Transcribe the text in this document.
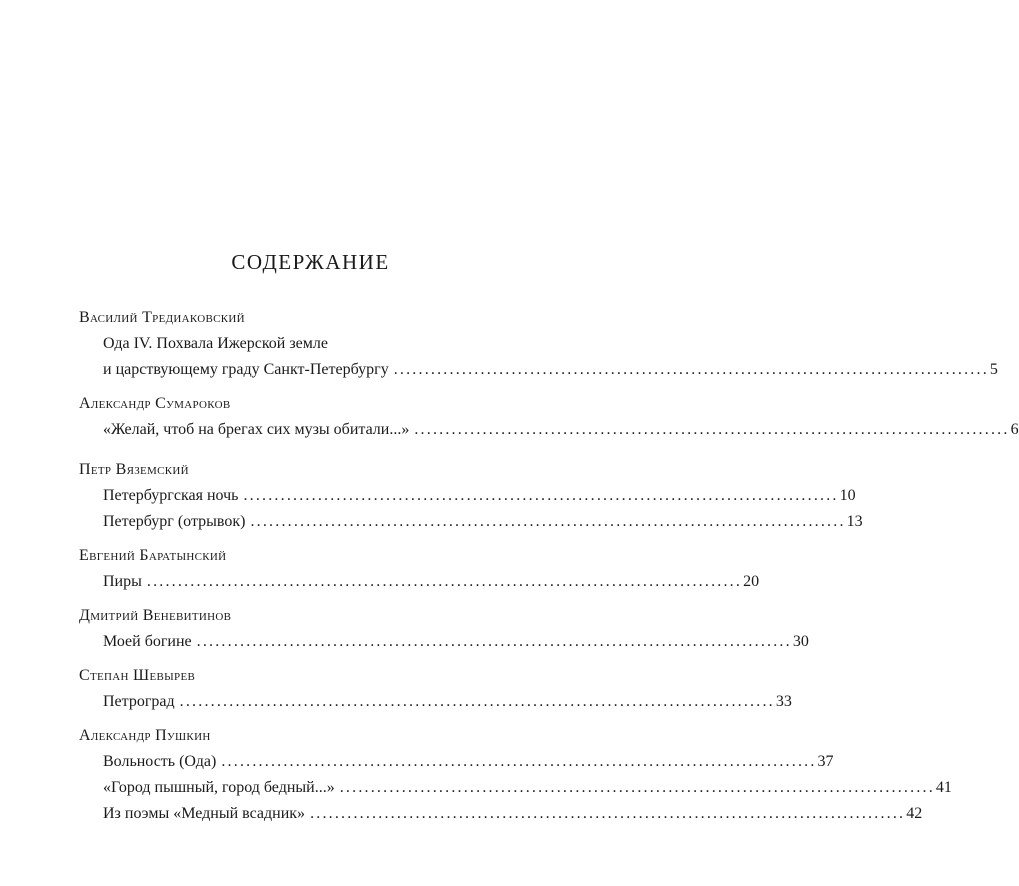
СОДЕРЖАНИЕ
Василий Тредиаковский
Ода IV. Похвала Ижерской земле
и царствующему граду Санкт-Петербургу ................................................................................................ 5
Александр Сумароков
«Желай, чтоб на брегах сих музы обитали...» ................................................................................................ 6
Петр Вяземский
Петербургская ночь ................................................................................................ 10
Петербург (отрывок) ................................................................................................ 13
Евгений Баратынский
Пиры ................................................................................................ 20
Дмитрий Веневитинов
Моей богине ................................................................................................ 30
Степан Шевырев
Петроград ................................................................................................ 33
Александр Пушкин
Вольность (Ода) ................................................................................................ 37
«Город пышный, город бедный...» ................................................................................................ 41
Из поэмы «Медный всадник» ................................................................................................ 42
